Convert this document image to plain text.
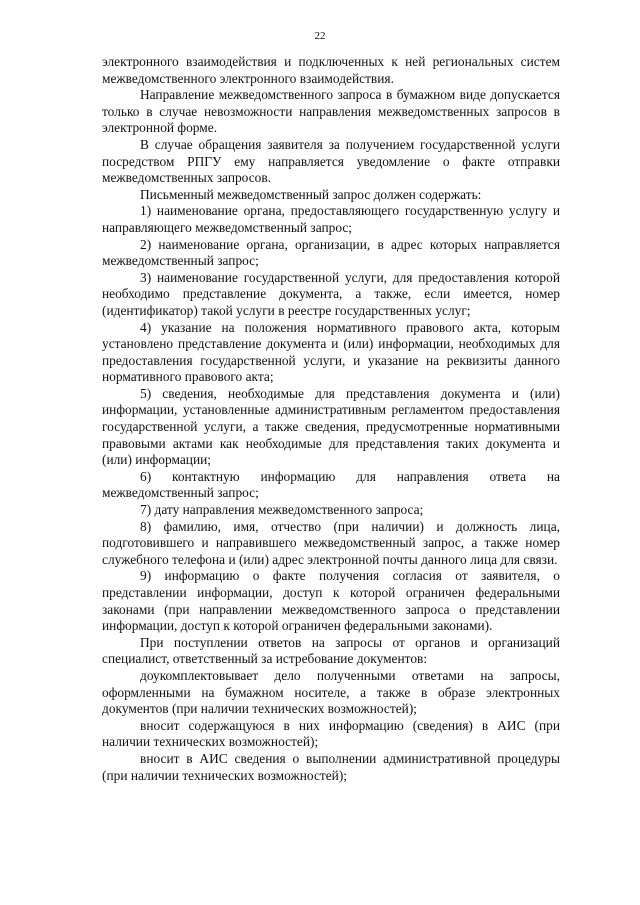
22

электронного взаимодействия и подключенных к ней региональных систем межведомственного электронного взаимодействия.

Направление межведомственного запроса в бумажном виде допускается только в случае невозможности направления межведомственных запросов в электронной форме.

В случае обращения заявителя за получением государственной услуги посредством РПГУ ему направляется уведомление о факте отправки межведомственных запросов.

Письменный межведомственный запрос должен содержать:

1) наименование органа, предоставляющего государственную услугу и направляющего межведомственный запрос;

2) наименование органа, организации, в адрес которых направляется межведомственный запрос;

3) наименование государственной услуги, для предоставления которой необходимо представление документа, а также, если имеется, номер (идентификатор) такой услуги в реестре государственных услуг;

4) указание на положения нормативного правового акта, которым установлено представление документа и (или) информации, необходимых для предоставления государственной услуги, и указание на реквизиты данного нормативного правового акта;

5) сведения, необходимые для представления документа и (или) информации, установленные административным регламентом предоставления государственной услуги, а также сведения, предусмотренные нормативными правовыми актами как необходимые для представления таких документа и (или) информации;

6) контактную информацию для направления ответа на межведомственный запрос;

7) дату направления межведомственного запроса;

8) фамилию, имя, отчество (при наличии) и должность лица, подготовившего и направившего межведомственный запрос, а также номер служебного телефона и (или) адрес электронной почты данного лица для связи.

9) информацию о факте получения согласия от заявителя, о представлении информации, доступ к которой ограничен федеральными законами (при направлении межведомственного запроса о представлении информации, доступ к которой ограничен федеральными законами).

При поступлении ответов на запросы от органов и организаций специалист, ответственный за истребование документов:

доукомплектовывает дело полученными ответами на запросы, оформленными на бумажном носителе, а также в образе электронных документов (при наличии технических возможностей);

вносит содержащуюся в них информацию (сведения) в АИС (при наличии технических возможностей);

вносит в АИС сведения о выполнении административной процедуры (при наличии технических возможностей);
